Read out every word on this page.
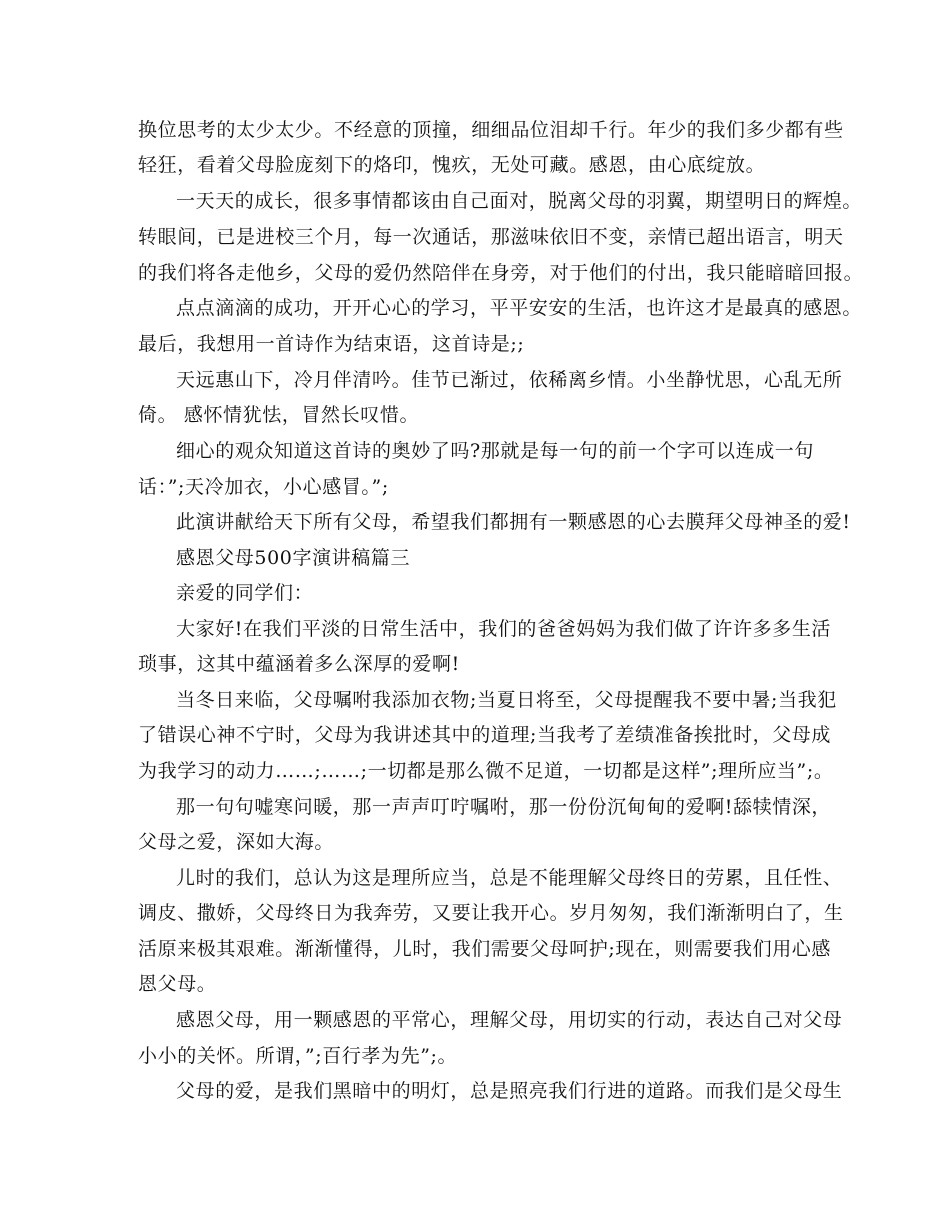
换位思考的太少太少。不经意的顶撞，细细品位泪却千行。年少的我们多少都有些
轻狂，看着父母脸庞刻下的烙印，愧疚，无处可藏。感恩，由心底绽放。
一天天的成长，很多事情都该由自己面对，脱离父母的羽翼，期望明日的辉煌。
转眼间，已是进校三个月，每一次通话，那滋味依旧不变，亲情已超出语言，明天
的我们将各走他乡，父母的爱仍然陪伴在身旁，对于他们的付出，我只能暗暗回报。
点点滴滴的成功，开开心心的学习，平平安安的生活，也许这才是最真的感恩。
最后，我想用一首诗作为结束语，这首诗是;;
天远惠山下，冷月伴清吟。佳节已渐过，依稀离乡情。小坐静忧思，心乱无所
倚。 感怀情犹怯，冒然长叹惜。
细心的观众知道这首诗的奥妙了吗?那就是每一句的前一个字可以连成一句
话：”;天冷加衣，小心感冒。”;
此演讲献给天下所有父母，希望我们都拥有一颗感恩的心去膜拜父母神圣的爱!
感恩父母500字演讲稿篇三
亲爱的同学们：
大家好!在我们平淡的日常生活中，我们的爸爸妈妈为我们做了许许多多生活
琐事，这其中蕴涵着多么深厚的爱啊!
当冬日来临，父母嘱咐我添加衣物;当夏日将至，父母提醒我不要中暑;当我犯
了错误心神不宁时，父母为我讲述其中的道理;当我考了差绩准备挨批时，父母成
为我学习的动力……;……;一切都是那么微不足道，一切都是这样”;理所应当”;。
那一句句嘘寒问暖，那一声声叮咛嘱咐，那一份份沉甸甸的爱啊!舔犊情深，
父母之爱，深如大海。
儿时的我们，总认为这是理所应当，总是不能理解父母终日的劳累，且任性、
调皮、撒娇，父母终日为我奔劳，又要让我开心。岁月匆匆，我们渐渐明白了，生
活原来极其艰难。渐渐懂得，儿时，我们需要父母呵护;现在，则需要我们用心感
恩父母。
感恩父母，用一颗感恩的平常心，理解父母，用切实的行动，表达自己对父母
小小的关怀。所谓，”;百行孝为先”;。
父母的爱，是我们黑暗中的明灯，总是照亮我们行进的道路。而我们是父母生
